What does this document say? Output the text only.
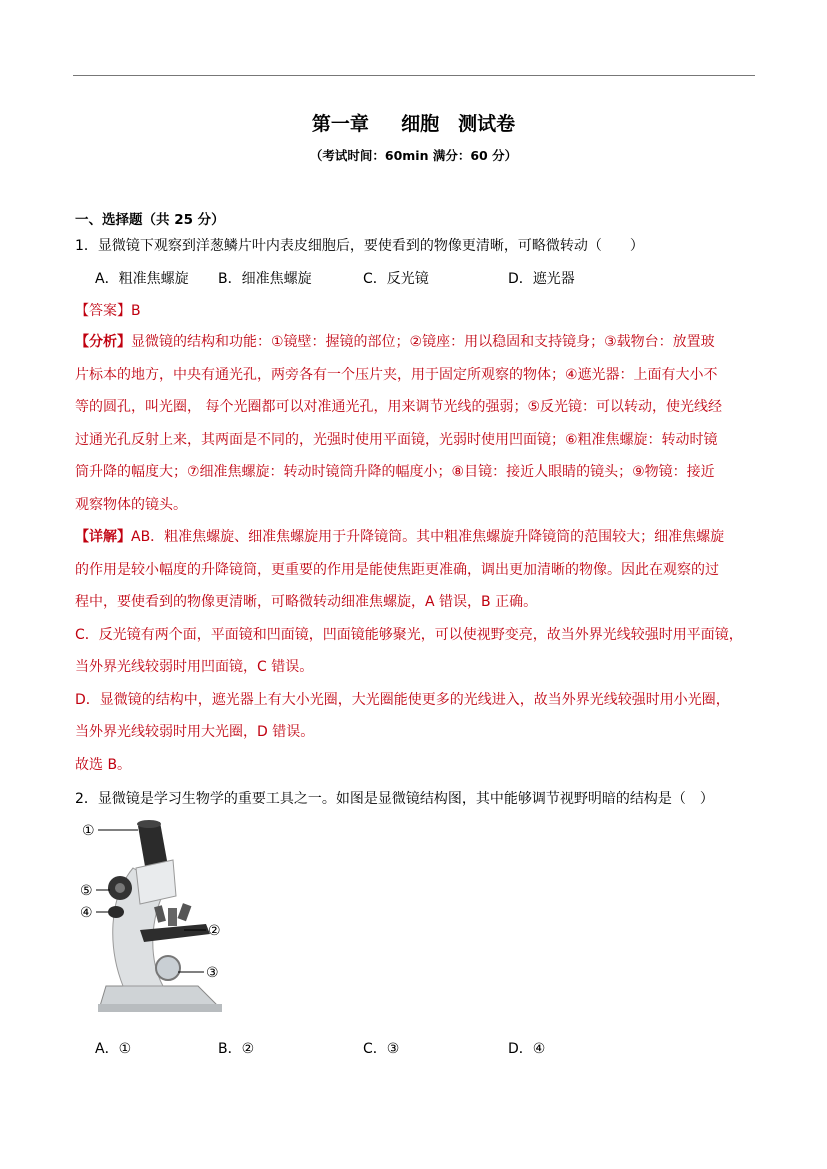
第一章 　 细胞　测试卷
（考试时间：60min 满分：60 分）
一、选择题（共 25 分）
1．显微镜下观察到洋葱鳞片叶内表皮细胞后，要使看到的物像更清晰，可略微转动（　　）
A．粗准焦螺旋 B．细准焦螺旋	C．反光镜	D．遮光器
【答案】B
【分析】显微镜的结构和功能：①镜壁：握镜的部位；②镜座：用以稳固和支持镜身；③载物台：放置玻
片标本的地方，中央有通光孔，两旁各有一个压片夹，用于固定所观察的物体；④遮光器：上面有大小不
等的圆孔，叫光圈， 每个光圈都可以对准通光孔，用来调节光线的强弱；⑤反光镜：可以转动，使光线经
过通光孔反射上来，其两面是不同的，光强时使用平面镜，光弱时使用凹面镜；⑥粗准焦螺旋：转动时镜
筒升降的幅度大；⑦细准焦螺旋：转动时镜筒升降的幅度小；⑧目镜：接近人眼睛的镜头；⑨物镜：接近
观察物体的镜头。
【详解】AB．粗准焦螺旋、细准焦螺旋用于升降镜筒。其中粗准焦螺旋升降镜筒的范围较大；细准焦螺旋
的作用是较小幅度的升降镜筒，更重要的作用是能使焦距更准确，调出更加清晰的物像。因此在观察的过
程中，要使看到的物像更清晰，可略微转动细准焦螺旋，A 错误，B 正确。
C．反光镜有两个面，平面镜和凹面镜，凹面镜能够聚光，可以使视野变亮，故当外界光线较强时用平面镜，
当外界光线较弱时用凹面镜，C 错误。
D．显微镜的结构中，遮光器上有大小光圈，大光圈能使更多的光线进入，故当外界光线较强时用小光圈，
当外界光线较弱时用大光圈，D 错误。
故选 B。
2．显微镜是学习生物学的重要工具之一。如图是显微镜结构图，其中能够调节视野明暗的结构是（　）
①
⑤
④
②
③
A．①	B．②	C．③	D．④
